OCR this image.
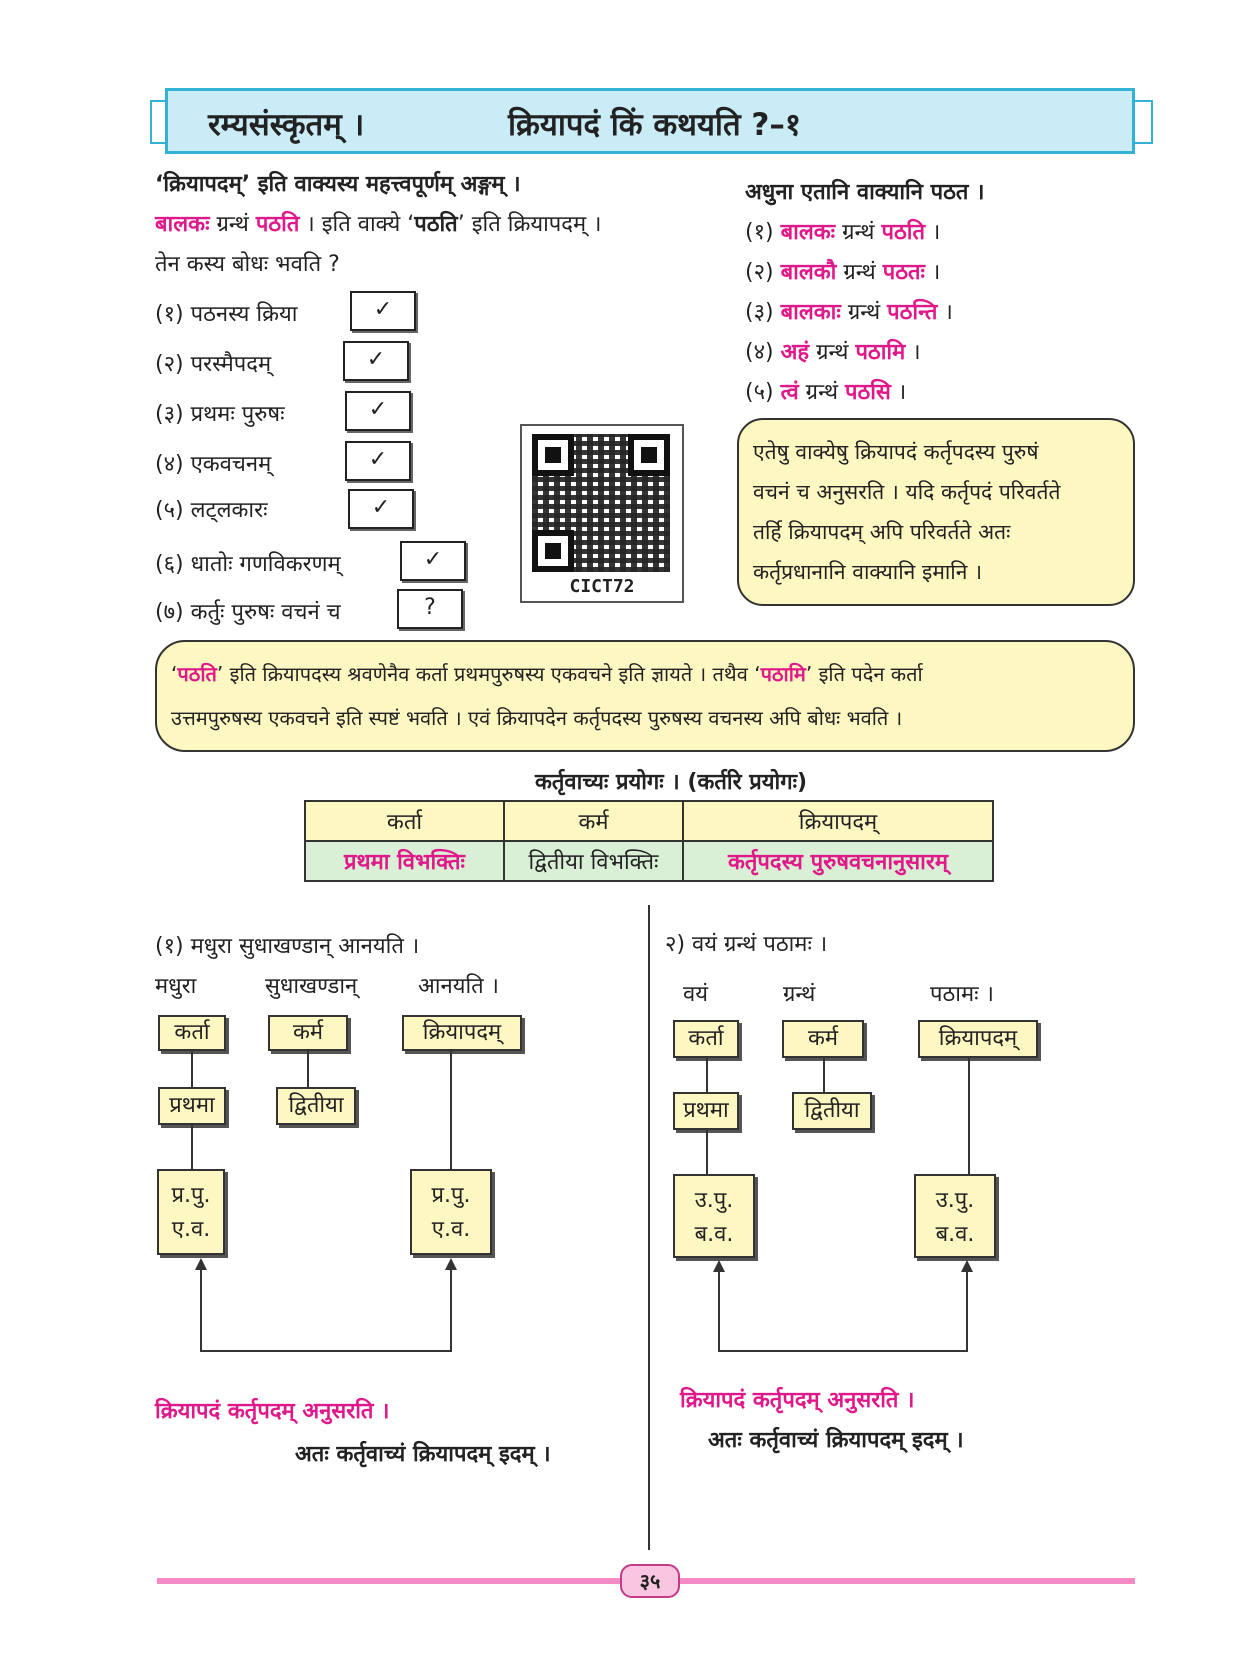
रम्यसंस्कृतम् ।	क्रियापदं किं कथयति ?–१
‘क्रियापदम्’ इति वाक्यस्य महत्त्वपूर्णम् अङ्गम् ।
बालकः ग्रन्थं पठति । इति वाक्ये ‘पठति’ इति क्रियापदम् ।
तेन कस्य बोधः भवति ?
(१) पठनस्य क्रिया	✓
(२) परस्मैपदम्	✓
(३) प्रथमः पुरुषः	✓
(४) एकवचनम्	✓
(५) लट्लकारः	✓
(६) धातोः गणविकरणम्	✓
(७) कर्तुः पुरुषः वचनं च	?
CICT72
अधुना एतानि वाक्यानि पठत ।
(१) बालकः ग्रन्थं पठति ।
(२) बालकौ ग्रन्थं पठतः ।
(३) बालकाः ग्रन्थं पठन्ति ।
(४) अहं ग्रन्थं पठामि ।
(५) त्वं ग्रन्थं पठसि ।
एतेषु वाक्येषु क्रियापदं कर्तृपदस्य पुरुषं
वचनं च अनुसरति । यदि कर्तृपदं परिवर्तते
तर्हि क्रियापदम् अपि परिवर्तते अतः
कर्तृप्रधानानि वाक्यानि इमानि ।
‘पठति’ इति क्रियापदस्य श्रवणेनैव कर्ता प्रथमपुरुषस्य एकवचने इति ज्ञायते । तथैव ‘पठामि’ इति पदेन कर्ता
उत्तमपुरुषस्य एकवचने इति स्पष्टं भवति । एवं क्रियापदेन कर्तृपदस्य पुरुषस्य वचनस्य अपि बोधः भवति ।
कर्तृवाच्यः प्रयोगः । (कर्तरि प्रयोगः)
कर्ता	कर्म	क्रियापदम्
प्रथमा विभक्तिः	द्वितीया विभक्तिः	कर्तृपदस्य पुरुषवचनानुसारम्
(१) मधुरा सुधाखण्डान् आनयति ।
मधुरा	सुधाखण्डान्	आनयति ।
कर्ता	कर्म	क्रियापदम्
प्रथमा	द्वितीया
प्र.पु.
ए.व.
प्र.पु.
ए.व.
क्रियापदं कर्तृपदम् अनुसरति ।
अतः कर्तृवाच्यं क्रियापदम् इदम् ।
२) वयं ग्रन्थं पठामः ।
वयं	ग्रन्थं	पठामः ।
कर्ता	कर्म	क्रियापदम्
प्रथमा	द्वितीया
उ.पु.
ब.व.
उ.पु.
ब.व.
क्रियापदं कर्तृपदम् अनुसरति ।
अतः कर्तृवाच्यं क्रियापदम् इदम् ।
३५
